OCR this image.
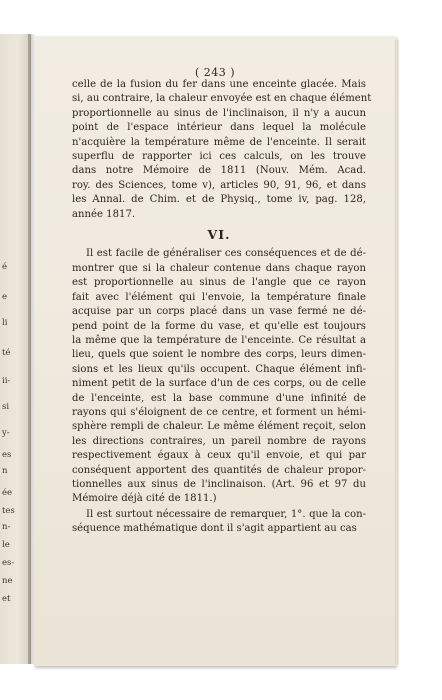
é
e
li
té
ii-
si
y-
es
n
ée
tes
n-
le
es-
ne
et
( 243 )
celle de la fusion du fer dans une enceinte glacée. Mais
si, au contraire, la chaleur envoyée est en chaque élément
proportionnelle au sinus de l'inclinaison, il n'y a aucun
point de l'espace intérieur dans lequel la molécule
n'acquière la température même de l'enceinte. Il serait
superflu de rapporter ici ces calculs, on les trouve
dans notre Mémoire de 1811 (Nouv. Mém. Acad.
roy. des Sciences, tome v), articles 90, 91, 96, et dans
les Annal. de Chim. et de Physiq., tome iv, pag. 128,
année 1817.
VI.
Il est facile de généraliser ces conséquences et de dé-
montrer que si la chaleur contenue dans chaque rayon
est proportionnelle au sinus de l'angle que ce rayon
fait avec l'élément qui l'envoie, la température finale
acquise par un corps placé dans un vase fermé ne dé-
pend point de la forme du vase, et qu'elle est toujours
la même que la température de l'enceinte. Ce résultat a
lieu, quels que soient le nombre des corps, leurs dimen-
sions et les lieux qu'ils occupent. Chaque élément infi-
niment petit de la surface d'un de ces corps, ou de celle
de l'enceinte, est la base commune d'une infinité de
rayons qui s'éloignent de ce centre, et forment un hémi-
sphère rempli de chaleur. Le même élément reçoit, selon
les directions contraires, un pareil nombre de rayons
respectivement égaux à ceux qu'il envoie, et qui par
conséquent apportent des quantités de chaleur propor-
tionnelles aux sinus de l'inclinaison. (Art. 96 et 97 du
Mémoire déjà cité de 1811.)
Il est surtout nécessaire de remarquer, 1°. que la con-
séquence mathématique dont il s'agit appartient au cas
